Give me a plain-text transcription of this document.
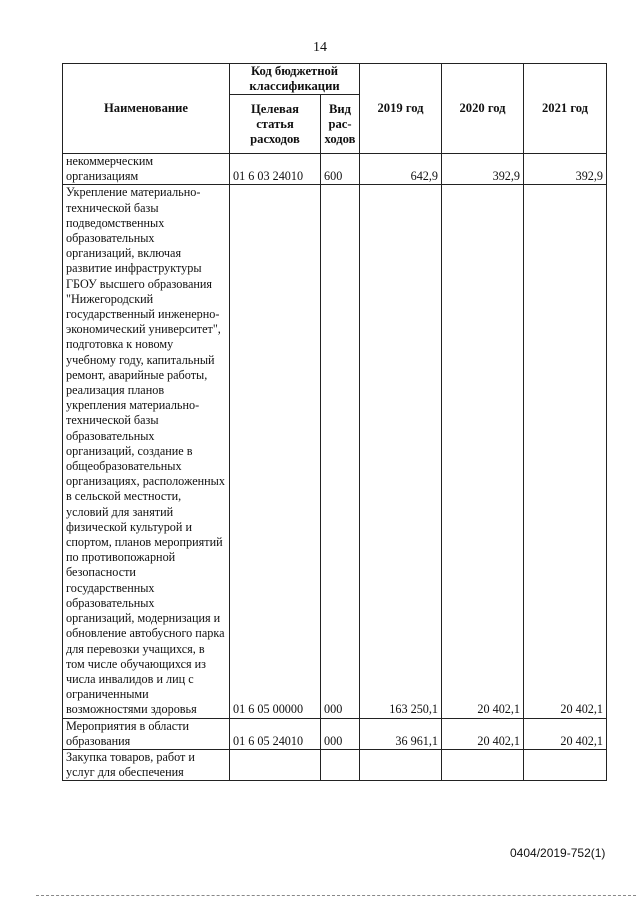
14
Наименование	Код бюджетной классификации		2019 год	2020 год	2021 год
	Целевая статья расходов	Вид рас-ходов			
некоммерческим организациям	01 6 03 24010	600	642,9	392,9	392,9
Укрепление материально-технической базы подведомственных образовательных организаций, включая развитие инфраструктуры ГБОУ высшего образования "Нижегородский государственный инженерно-экономический университет", подготовка к новому учебному году, капитальный ремонт, аварийные работы, реализация планов укрепления материально-технической базы образовательных организаций, создание в общеобразовательных организациях, расположенных в сельской местности, условий для занятий физической культурой и спортом, планов мероприятий по противопожарной безопасности государственных образовательных организаций, модернизация и обновление автобусного парка для перевозки учащихся, в том числе обучающихся из числа инвалидов и лиц с ограниченными возможностями здоровья	01 6 05 00000	000	163 250,1	20 402,1	20 402,1
Мероприятия в области образования	01 6 05 24010	000	36 961,1	20 402,1	20 402,1
Закупка товаров, работ и услуг для обеспечения					
0404/2019-752(1)
